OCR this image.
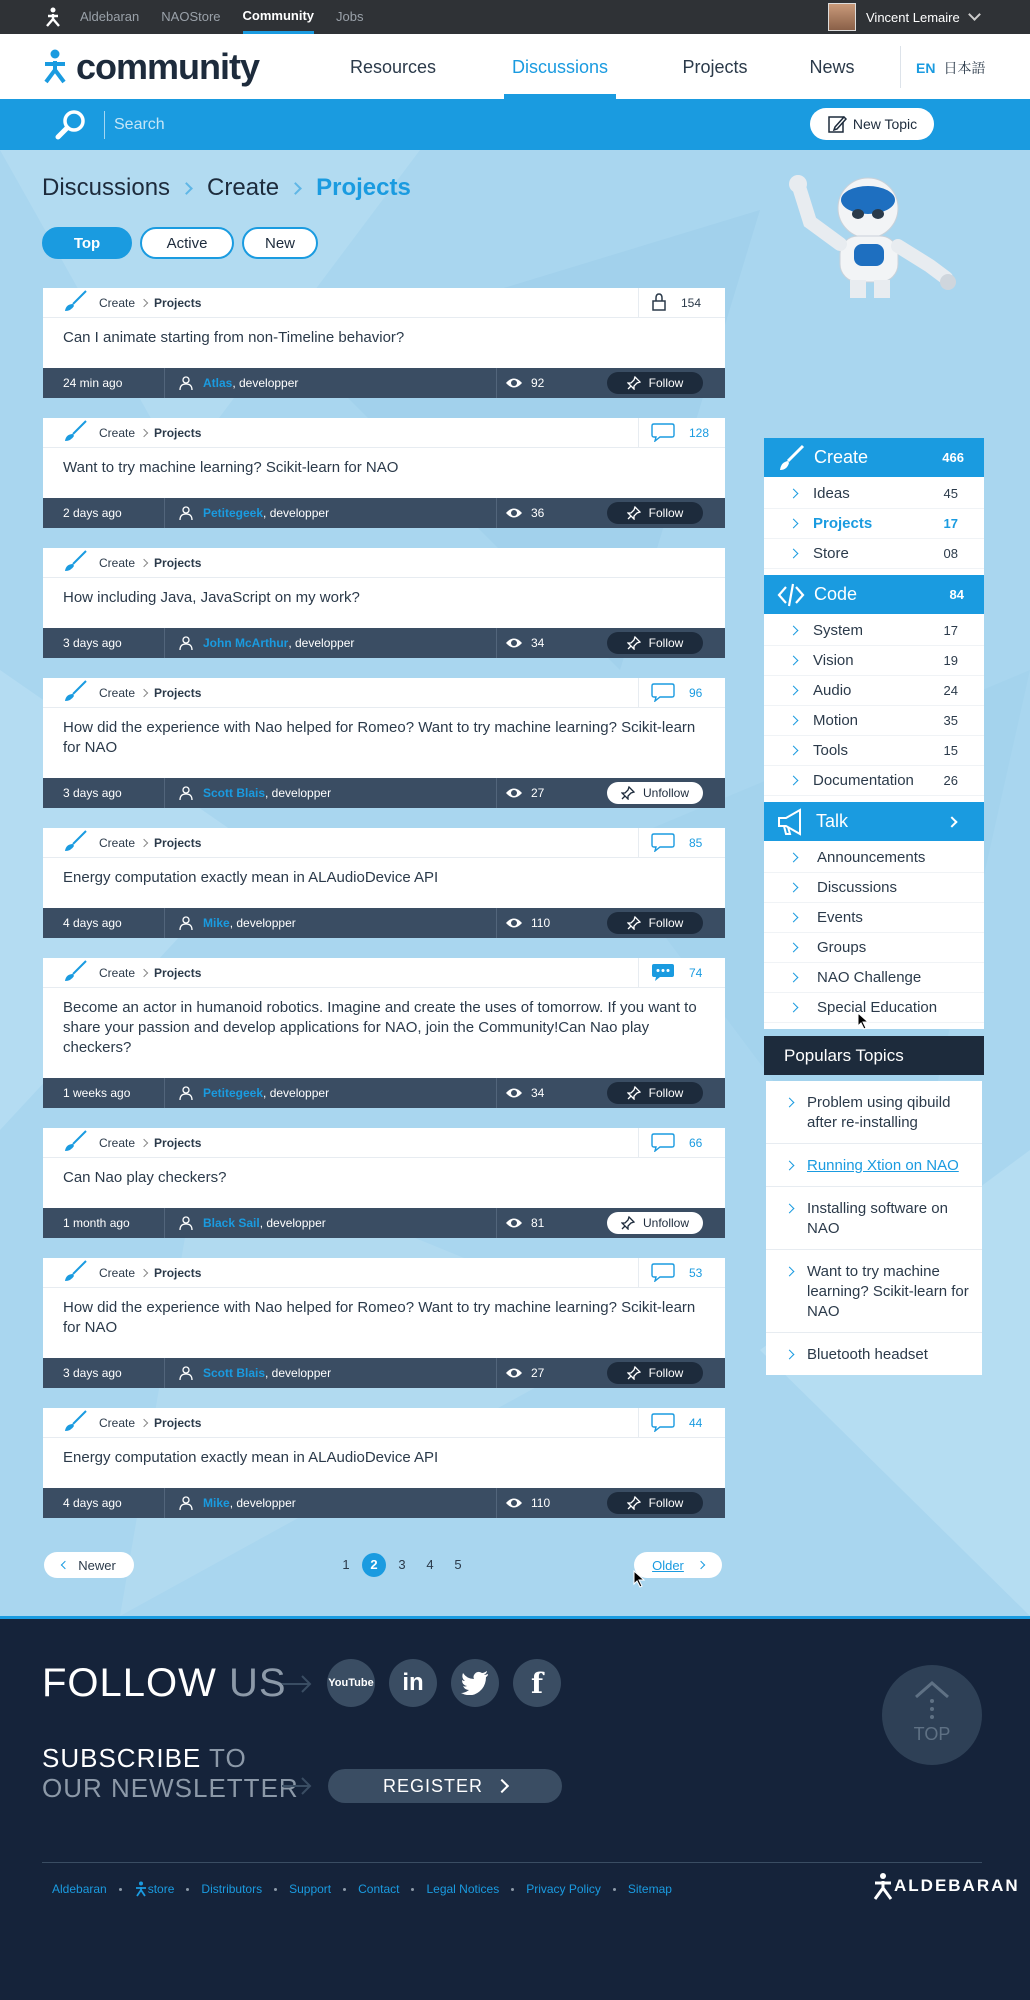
Aldebaran NAOStore Community Jobs	Vincent Lemaire
community	Resources	Discussions	Projects	News	EN 日本語
Search
New Topic
Discussions Create Projects
Top	Active	New
Create Projects	154
Can I animate starting from non-Timeline behavior?
24 min ago	Atlas , developper	92	Follow
Create Projects	128
Want to try machine learning? Scikit-learn for NAO
2 days ago	Petitegeek , developper	36	Follow
Create Projects
How including Java, JavaScript on my work?
3 days ago	John McArthur , developper	34	Follow
Create Projects	96
How did the experience with Nao helped for Romeo? Want to try machine learning? Scikit-learn for NAO
3 days ago	Scott Blais , developper	27	Unfollow
Create Projects	85
Energy computation exactly mean in ALAudioDevice API
4 days ago	Mike , developper	110	Follow
Create Projects	74
Become an actor in humanoid robotics. Imagine and create the uses of tomorrow. If you want to share your passion and develop applications for NAO, join the Community!Can Nao play checkers?
1 weeks ago	Petitegeek , developper	34	Follow
Create Projects	66
Can Nao play checkers?
1 month ago	Black Sail , developper	81	Unfollow
Create Projects	53
How did the experience with Nao helped for Romeo? Want to try machine learning? Scikit-learn for NAO
3 days ago	Scott Blais , developper	27	Follow
Create Projects	44
Energy computation exactly mean in ALAudioDevice API
4 days ago	Mike , developper	110	Follow
Create	466
Ideas	45
Projects	17
Store	08
Code	84
System	17
Vision	19
Audio	24
Motion	35
Tools	15
Documentation 26
Talk
Announcements
Discussions
Events
Groups
NAO Challenge
Special Education
Populars Topics
Problem using qibuild after re-installing
Running Xtion on NAO
Installing software on NAO
Want to try machine learning? Scikit-learn for NAO
Bluetooth headset
Newer	1	2	3	4	5	Older
FOLLOW US	YouTube in	f
SUBSCRIBE TO
OUR NEWSLETTER	REGISTER
TOP
Aldebaran	store Distributors Support Contact Legal Notices Privacy Policy Sitemap	ALDEBARAN
